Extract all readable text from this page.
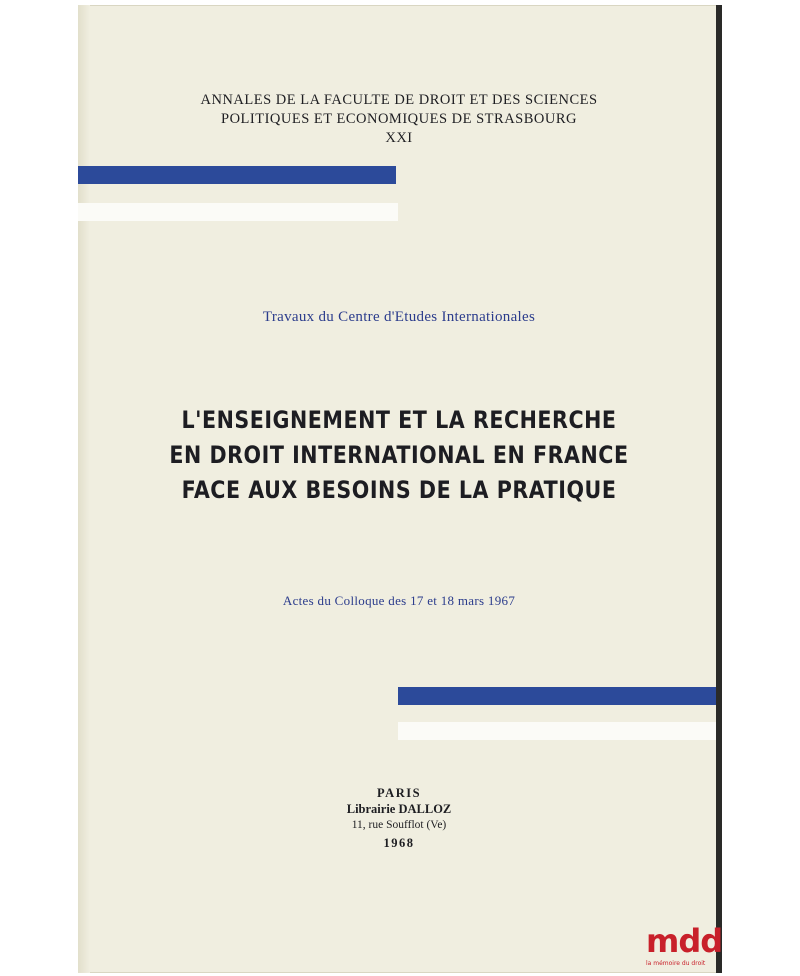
ANNALES DE LA FACULTE DE DROIT ET DES SCIENCES
POLITIQUES ET ECONOMIQUES DE STRASBOURG
XXI
Travaux du Centre d'Etudes Internationales
L'ENSEIGNEMENT ET LA RECHERCHE
EN DROIT INTERNATIONAL EN FRANCE
FACE AUX BESOINS DE LA PRATIQUE
Actes du Colloque des 17 et 18 mars 1967
PARIS
Librairie DALLOZ
11, rue Soufflot (Ve)
1968
mdd
la mémoire du droit
